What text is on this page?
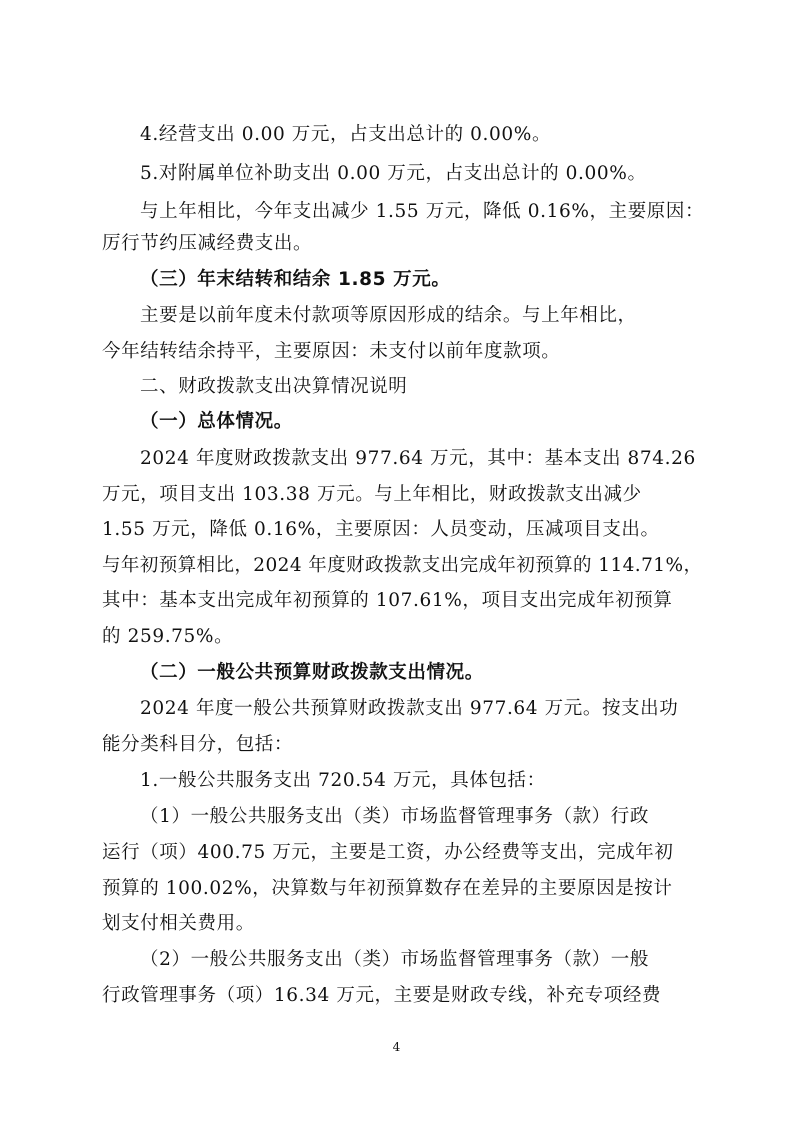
4.经营支出 0.00 万元，占支出总计的 0.00%。
5.对附属单位补助支出 0.00 万元，占支出总计的 0.00%。
与上年相比，今年支出减少 1.55 万元，降低 0.16%，主要原因：
厉行节约压减经费支出。
（三）年末结转和结余 1.85 万元。
主要是以前年度未付款项等原因形成的结余。与上年相比，
今年结转结余持平，主要原因：未支付以前年度款项。
二、财政拨款支出决算情况说明
（一）总体情况。
2024 年度财政拨款支出 977.64 万元，其中：基本支出 874.26
万元，项目支出 103.38 万元。与上年相比，财政拨款支出减少
1.55 万元，降低 0.16%，主要原因：人员变动，压减项目支出。
与年初预算相比，2024 年度财政拨款支出完成年初预算的 114.71%，
其中：基本支出完成年初预算的 107.61%，项目支出完成年初预算
的 259.75%。
（二）一般公共预算财政拨款支出情况。
2024 年度一般公共预算财政拨款支出 977.64 万元。按支出功
能分类科目分，包括：
1.一般公共服务支出 720.54 万元，具体包括：
（1）一般公共服务支出（类）市场监督管理事务（款）行政
运行（项）400.75 万元，主要是工资，办公经费等支出，完成年初
预算的 100.02%，决算数与年初预算数存在差异的主要原因是按计
划支付相关费用。
（2）一般公共服务支出（类）市场监督管理事务（款）一般
行政管理事务（项）16.34 万元，主要是财政专线，补充专项经费
4
